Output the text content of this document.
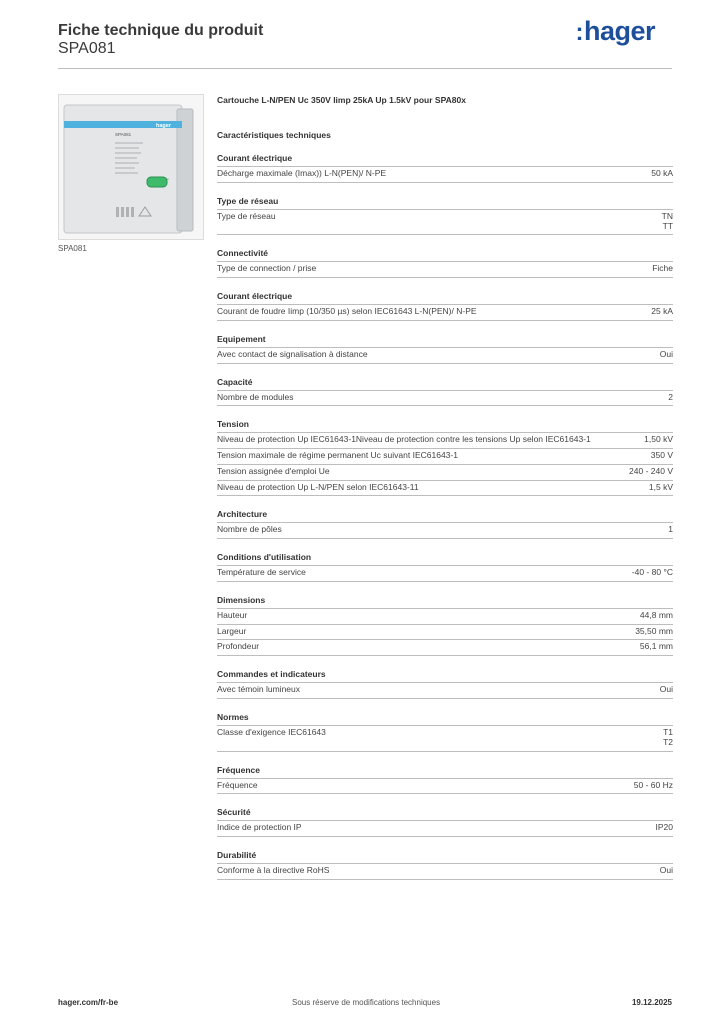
Fiche technique du produit
SPA081
:hager
hager
SPA081
SPA081
Cartouche L-N/PEN Uc 350V Iimp 25kA Up 1.5kV pour SPA80x
Caractéristiques techniques
Courant électrique
Décharge maximale (Imax)) L-N(PEN)/ N-PE	50 kA
Type de réseau
Type de réseau	TN
TT
Connectivité
Type de connection / prise	Fiche
Courant électrique
Courant de foudre Iimp (10/350 µs) selon IEC61643 L-N(PEN)/ N-PE	25 kA
Equipement
Avec contact de signalisation à distance	Oui
Capacité
Nombre de modules	2
Tension
Niveau de protection Up IEC61643-1Niveau de protection contre les tensions Up selon IEC61643-1	1,50 kV
Tension maximale de régime permanent Uc suivant IEC61643-1	350 V
Tension assignée d'emploi Ue	240 - 240 V
Niveau de protection Up L-N/PEN selon IEC61643-11	1,5 kV
Architecture
Nombre de pôles	1
Conditions d'utilisation
Température de service	-40 - 80 °C
Dimensions
Hauteur	44,8 mm
Largeur	35,50 mm
Profondeur	56,1 mm
Commandes et indicateurs
Avec témoin lumineux	Oui
Normes
Classe d'exigence IEC61643	T1
T2
Fréquence
Fréquence	50 - 60 Hz
Sécurité
Indice de protection IP	IP20
Durabilité
Conforme à la directive RoHS	Oui
hager.com/fr-be	Sous réserve de modifications techniques	19.12.2025
